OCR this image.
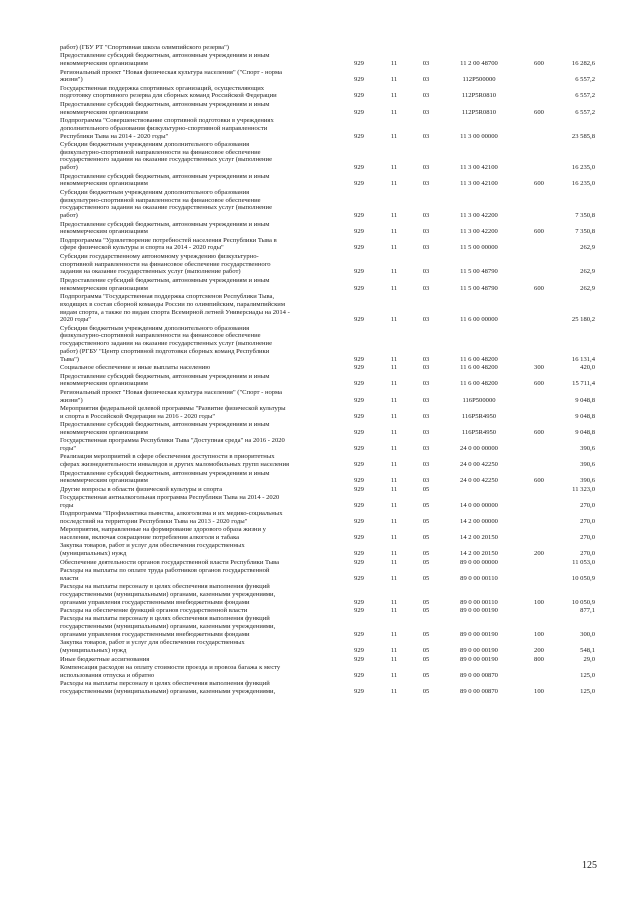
работ) (ГБУ РТ "Спортивная школа олимпийского резерва")
Предоставление субсидий бюджетным, автономным учреждениям и иным
некоммерческим организациям	929	11	03	11 2 00 48700	600	16 282,6
Региональный проект "Новая физическая культура населения" ("Спорт - норма
жизни")	929	11	03	112P500000	6 557,2
Государственная поддержка спортивных организаций, осуществляющих
подготовку спортивного резерва для сборных команд Российской Федерации	929	11	03	112P5R0810	6 557,2
Предоставление субсидий бюджетным, автономным учреждениям и иным
некоммерческим организациям	929	11	03	112P5R0810	600	6 557,2
Подпрограмма "Совершенствование спортивной подготовки в учреждениях
дополнительного образования физкультурно-спортивной направленности
Республики Тыва на 2014 - 2020 годы"	929	11	03	11 3 00 00000	23 585,8
Субсидии бюджетным учреждениям дополнительного образования
физкультурно-спортивной направленности на финансовое обеспечение
государственного задания на оказание государственных услуг (выполнение
работ)	929	11	03	11 3 00 42100	16 235,0
Предоставление субсидий бюджетным, автономным учреждениям и иным
некоммерческим организациям	929	11	03	11 3 00 42100	600	16 235,0
Субсидии бюджетным учреждениям дополнительного образования
физкультурно-спортивной направленности на финансовое обеспечение
государственного задания на оказание государственных услуг (выполнение
работ)	929	11	03	11 3 00 42200	7 350,8
Предоставление субсидий бюджетным, автономным учреждениям и иным
некоммерческим организациям	929	11	03	11 3 00 42200	600	7 350,8
Подпрограмма "Удовлетворение потребностей населения Республики Тыва в
сфере физической культуры и спорта на 2014 - 2020 годы"	929	11	03	11 5 00 00000	262,9
Субсидии государственному автономному учреждению физкультурно-
спортивной направленности на финансовое обеспечение государственного
задания на оказание государственных услуг (выполнение работ)	929	11	03	11 5 00 48790	262,9
Предоставление субсидий бюджетным, автономным учреждениям и иным
некоммерческим организациям	929	11	03	11 5 00 48790	600	262,9
Подпрограмма "Государственная поддержка спортсменов Республики Тыва,
входящих в состав сборной команды России по олимпийским, паралимпийским
видам спорта, а также по видам спорта Всемирной летней Универсиады на 2014 -
2020 годы"	929	11	03	11 6 00 00000	25 180,2
Субсидии бюджетным учреждениям дополнительного образования
физкультурно-спортивной направленности на финансовое обеспечение
государственного задания на оказание государственных услуг (выполнение
работ) (РГБУ "Центр спортивной подготовки сборных команд Республики
Тыва")	929	11	03	11 6 00 48200	16 131,4
Социальное обеспечение и иные выплаты населению	929	11	03	11 6 00 48200	300	420,0
Предоставление субсидий бюджетным, автономным учреждениям и иным
некоммерческим организациям	929	11	03	11 6 00 48200	600	15 711,4
Региональный проект "Новая физическая культура населения" ("Спорт - норма
жизни")	929	11	03	116P500000	9 048,8
Мероприятия федеральной целевой программы "Развитие физической культуры
и спорта в Российской Федерации на 2016 - 2020 годы"	929	11	03	116P5R4950	9 048,8
Предоставление субсидий бюджетным, автономным учреждениям и иным
некоммерческим организациям	929	11	03	116P5R4950	600	9 048,8
Государственная программа Республики Тыва "Доступная среда" на 2016 - 2020
годы"	929	11	03	24 0 00 00000	390,6
Реализация мероприятий в сфере обеспечения доступности в приоритетных
сферах жизнедеятельности инвалидов и других маломобильных групп населения	929	11	03	24 0 00 42250	390,6
Предоставление субсидий бюджетным, автономным учреждениям и иным
некоммерческим организациям	929	11	03	24 0 00 42250	600	390,6
Другие вопросы в области физической культуры и спорта	929	11	05	11 323,0
Государственная антиалкогольная программа Республики Тыва на 2014 - 2020
годы	929	11	05	14 0 00 00000	270,0
Подпрограмма "Профилактика пьянства, алкоголизма и их медико-социальных
последствий на территории Республики Тыва на 2013 - 2020 годы"	929	11	05	14 2 00 00000	270,0
Мероприятия, направленные на формирование здорового образа жизни у
населения, включая сокращение потребления алкоголя и табака	929	11	05	14 2 00 20150	270,0
Закупка товаров, работ и услуг для обеспечения государственных
(муниципальных) нужд	929	11	05	14 2 00 20150	200	270,0
Обеспечение деятельности органов государственной власти Республики Тыва	929	11	05	89 0 00 00000	11 053,0
Расходы на выплаты по оплате труда работников органов государственной
власти	929	11	05	89 0 00 00110	10 050,9
Расходы на выплаты персоналу в целях обеспечения выполнения функций
государственными (муниципальными) органами, казенными учреждениями,
органами управления государственными внебюджетными фондами	929	11	05	89 0 00 00110	100	10 050,9
Расходы на обеспечение функций органов государственной власти	929	11	05	89 0 00 00190	877,1
Расходы на выплаты персоналу в целях обеспечения выполнения функций
государственными (муниципальными) органами, казенными учреждениями,
органами управления государственными внебюджетными фондами	929	11	05	89 0 00 00190	100	300,0
Закупка товаров, работ и услуг для обеспечения государственных
(муниципальных) нужд	929	11	05	89 0 00 00190	200	548,1
Иные бюджетные ассигнования	929	11	05	89 0 00 00190	800	29,0
Компенсация расходов на оплату стоимости проезда и провоза багажа к месту
использования отпуска и обратно	929	11	05	89 0 00 00870	125,0
Расходы на выплаты персоналу в целях обеспечения выполнения функций
государственными (муниципальными) органами, казенными учреждениями,	929	11	05	89 0 00 00870	100	125,0
125
